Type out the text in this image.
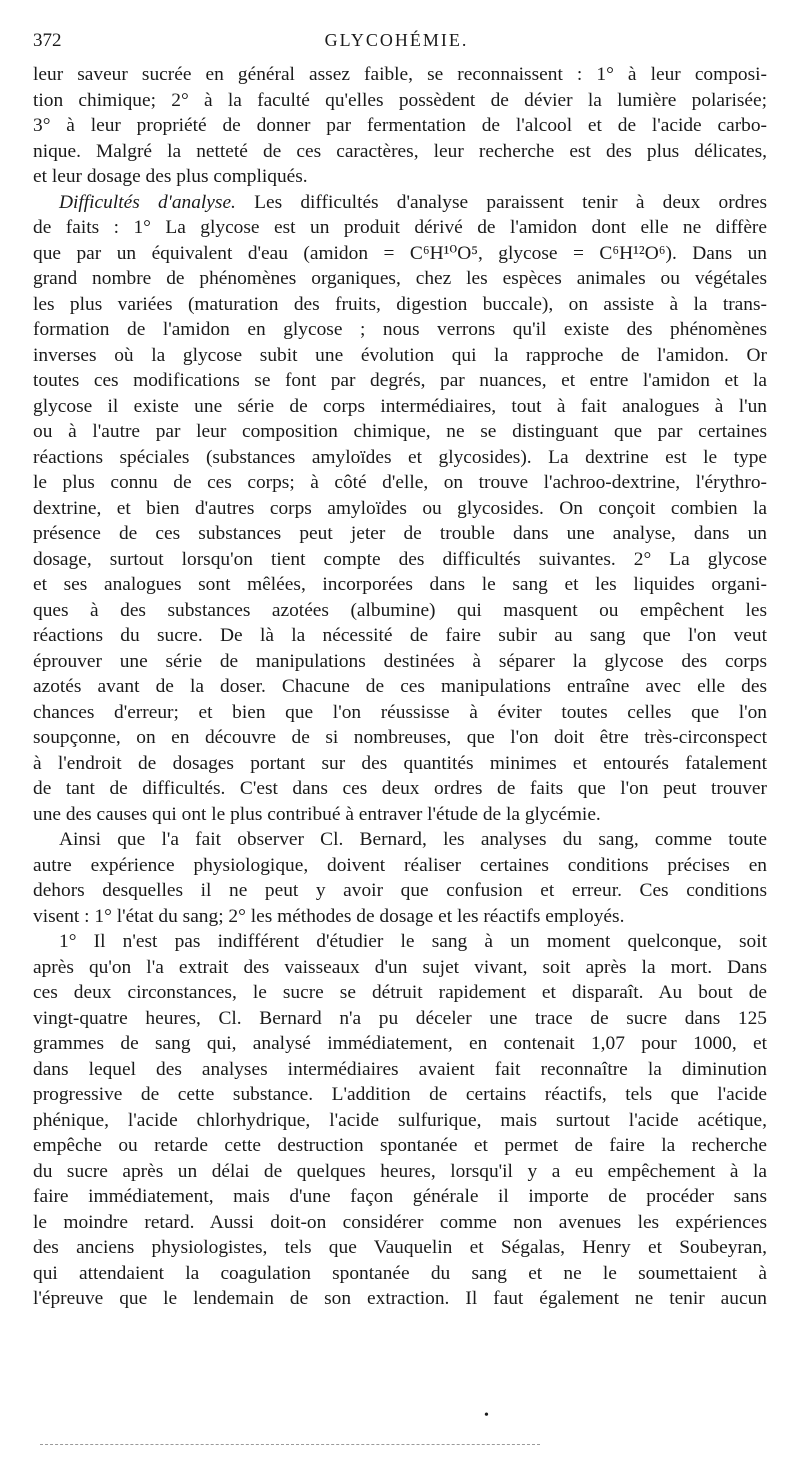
372	GLYCOHÉMIE.
leur saveur sucrée en général assez faible, se reconnaissent : 1° à leur composi-
tion chimique; 2° à la faculté qu'elles possèdent de dévier la lumière polarisée;
3° à leur propriété de donner par fermentation de l'alcool et de l'acide carbo-
nique. Malgré la netteté de ces caractères, leur recherche est des plus délicates,
et leur dosage des plus compliqués.
Difficultés d'analyse. Les difficultés d'analyse paraissent tenir à deux ordres
de faits : 1° La glycose est un produit dérivé de l'amidon dont elle ne diffère
que par un équivalent d'eau (amidon = C⁶H¹⁰O⁵, glycose = C⁶H¹²O⁶). Dans un
grand nombre de phénomènes organiques, chez les espèces animales ou végétales
les plus variées (maturation des fruits, digestion buccale), on assiste à la trans-
formation de l'amidon en glycose ; nous verrons qu'il existe des phénomènes
inverses où la glycose subit une évolution qui la rapproche de l'amidon. Or
toutes ces modifications se font par degrés, par nuances, et entre l'amidon et la
glycose il existe une série de corps intermédiaires, tout à fait analogues à l'un
ou à l'autre par leur composition chimique, ne se distinguant que par certaines
réactions spéciales (substances amyloïdes et glycosides). La dextrine est le type
le plus connu de ces corps; à côté d'elle, on trouve l'achroo-dextrine, l'érythro-
dextrine, et bien d'autres corps amyloïdes ou glycosides. On conçoit combien la
présence de ces substances peut jeter de trouble dans une analyse, dans un
dosage, surtout lorsqu'on tient compte des difficultés suivantes. 2° La glycose
et ses analogues sont mêlées, incorporées dans le sang et les liquides organi-
ques à des substances azotées (albumine) qui masquent ou empêchent les
réactions du sucre. De là la nécessité de faire subir au sang que l'on veut
éprouver une série de manipulations destinées à séparer la glycose des corps
azotés avant de la doser. Chacune de ces manipulations entraîne avec elle des
chances d'erreur; et bien que l'on réussisse à éviter toutes celles que l'on
soupçonne, on en découvre de si nombreuses, que l'on doit être très-circonspect
à l'endroit de dosages portant sur des quantités minimes et entourés fatalement
de tant de difficultés. C'est dans ces deux ordres de faits que l'on peut trouver
une des causes qui ont le plus contribué à entraver l'étude de la glycémie.
Ainsi que l'a fait observer Cl. Bernard, les analyses du sang, comme toute
autre expérience physiologique, doivent réaliser certaines conditions précises en
dehors desquelles il ne peut y avoir que confusion et erreur. Ces conditions
visent : 1° l'état du sang; 2° les méthodes de dosage et les réactifs employés.
1° Il n'est pas indifférent d'étudier le sang à un moment quelconque, soit
après qu'on l'a extrait des vaisseaux d'un sujet vivant, soit après la mort. Dans
ces deux circonstances, le sucre se détruit rapidement et disparaît. Au bout de
vingt-quatre heures, Cl. Bernard n'a pu déceler une trace de sucre dans 125
grammes de sang qui, analysé immédiatement, en contenait 1,07 pour 1000, et
dans lequel des analyses intermédiaires avaient fait reconnaître la diminution
progressive de cette substance. L'addition de certains réactifs, tels que l'acide
phénique, l'acide chlorhydrique, l'acide sulfurique, mais surtout l'acide acétique,
empêche ou retarde cette destruction spontanée et permet de faire la recherche
du sucre après un délai de quelques heures, lorsqu'il y a eu empêchement à la
faire immédiatement, mais d'une façon générale il importe de procéder sans
le moindre retard. Aussi doit-on considérer comme non avenues les expériences
des anciens physiologistes, tels que Vauquelin et Ségalas, Henry et Soubeyran,
qui attendaient la coagulation spontanée du sang et ne le soumettaient à
l'épreuve que le lendemain de son extraction. Il faut également ne tenir aucun
•
